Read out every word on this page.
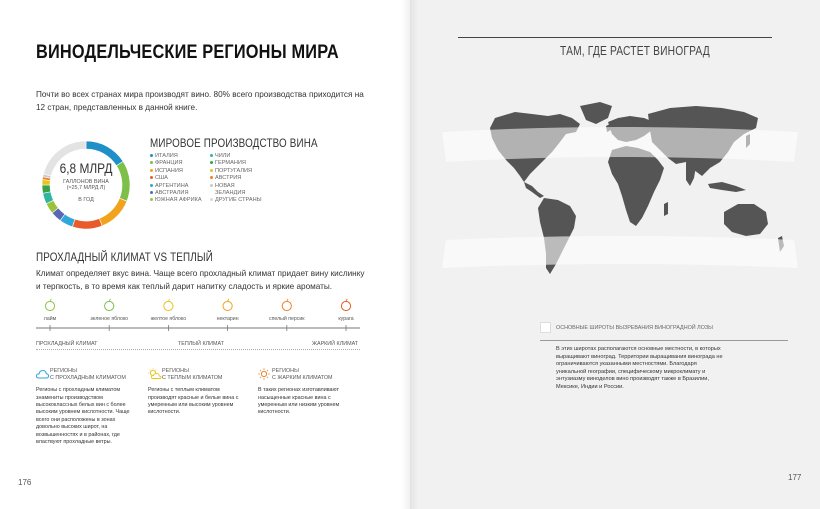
ВИНОДЕЛЬЧЕСКИЕ РЕГИОНЫ МИРА
Почти во всех странах мира производят вино. 80% всего производства приходится на 12 стран, представленных в данной книге.
6,8 МЛРД
ГАЛЛОНОВ ВИНА
(≈25,7 МЛРД Л)
В ГОД
МИРОВОЕ ПРОИЗВОДСТВО ВИНА
ИТАЛИЯ
ФРАНЦИЯ
ИСПАНИЯ
США
АРГЕНТИНА
АВСТРАЛИЯ
ЮЖНАЯ АФРИКА
ЧИЛИ
ГЕРМАНИЯ
ПОРТУГАЛИЯ
АВСТРИЯ
НОВАЯ
ЗЕЛАНДИЯ
ДРУГИЕ СТРАНЫ
ПРОХЛАДНЫЙ КЛИМАТ VS ТЕПЛЫЙ
Климат определяет вкус вина. Чаще всего прохладный климат придает вину кислинку и терпкость, в то время как теплый дарит напитку сладость и яркие ароматы.
лайм	зеленое яблоко	желтое яблоко	нектарин	спелый персик	курага
ПРОХЛАДНЫЙ КЛИМАТ	ТЕПЛЫЙ КЛИМАТ	ЖАРКИЙ КЛИМАТ
РЕГИОНЫ
С ПРОХЛАДНЫМ КЛИМАТОМ
Регионы с прохладным климатом знамениты производством высококлассных белых вин с более высоким уровнем кислотности. Чаще всего они расположены в зонах довольно высоких широт, на возвышенностях и в районах, где властвуют прохладные ветры.
РЕГИОНЫ
С ТЕПЛЫМ КЛИМАТОМ
Регионы с теплым климатом производят красные и белые вина с умеренным или высоким уровнем кислотности.
РЕГИОНЫ
С ЖАРКИМ КЛИМАТОМ
В таких регионах изготавливают насыщенные красные вина с умеренным или низким уровнем кислотности.
176
ТАМ, ГДЕ РАСТЕТ ВИНОГРАД
ОСНОВНЫЕ ШИРОТЫ ВЫЗРЕВАНИЯ ВИНОГРАДНОЙ ЛОЗЫ
В этих широтах располагаются основные местности, в которых выращивают виноград. Территории выращивания винограда не ограничиваются указанными местностями. Благодаря уникальной географии, специфическому микроклимату и энтузиазму виноделов вино производят также в Бразилии, Мексике, Индии и России.
177
